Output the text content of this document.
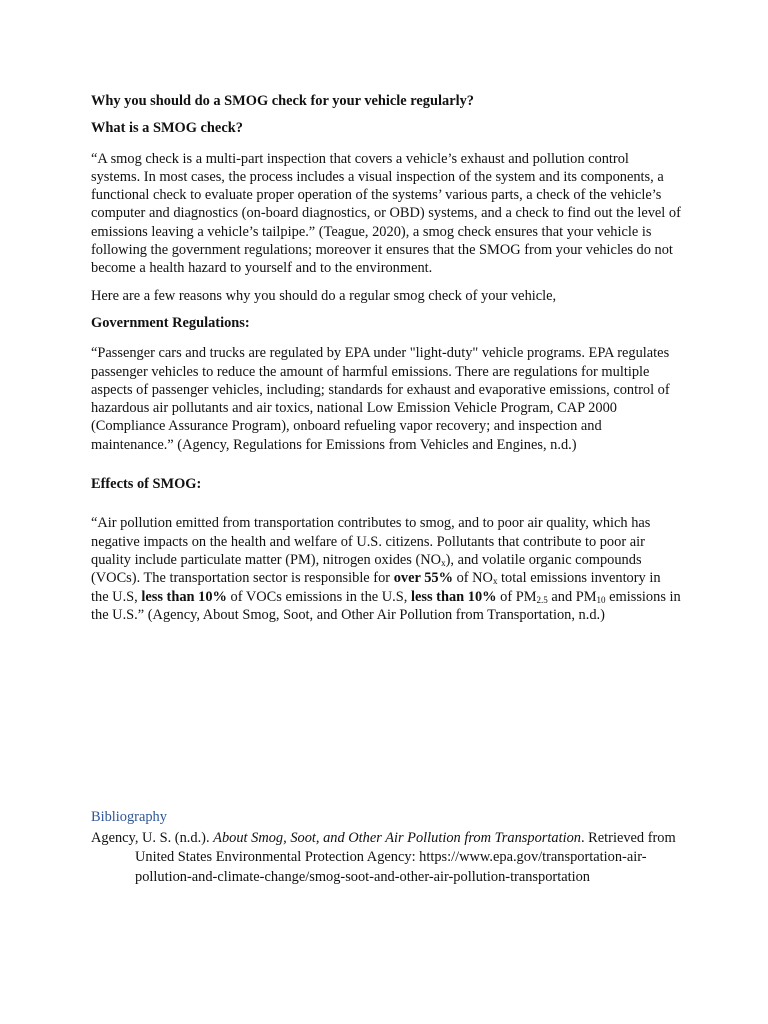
Why you should do a SMOG check for your vehicle regularly?

What is a SMOG check?

“A smog check is a multi-part inspection that covers a vehicle’s exhaust and pollution control systems. In most cases, the process includes a visual inspection of the system and its components, a functional check to evaluate proper operation of the systems’ various parts, a check of the vehicle’s computer and diagnostics (on-board diagnostics, or OBD) systems, and a check to find out the level of emissions leaving a vehicle’s tailpipe.” (Teague, 2020), a smog check ensures that your vehicle is following the government regulations; moreover it ensures that the SMOG from your vehicles do not become a health hazard to yourself and to the environment.

Here are a few reasons why you should do a regular smog check of your vehicle,

Government Regulations:

“Passenger cars and trucks are regulated by EPA under "light-duty" vehicle programs. EPA regulates passenger vehicles to reduce the amount of harmful emissions. There are regulations for multiple aspects of passenger vehicles, including; standards for exhaust and evaporative emissions, control of hazardous air pollutants and air toxics, national Low Emission Vehicle Program, CAP 2000 (Compliance Assurance Program), onboard refueling vapor recovery; and inspection and maintenance.” (Agency, Regulations for Emissions from Vehicles and Engines, n.d.)

Effects of SMOG:

“Air pollution emitted from transportation contributes to smog, and to poor air quality, which has negative impacts on the health and welfare of U.S. citizens. Pollutants that contribute to poor air quality include particulate matter (PM), nitrogen oxides $(NO_x)$, and volatile organic compounds (VOCs). The transportation sector is responsible for over 55% of $NO_x$ total emissions inventory in the U.S, less than 10% of VOCs emissions in the U.S, less than 10% of $PM_{2.5}$ and $PM_{10}$ emissions in the U.S.” (Agency, About Smog, Soot, and Other Air Pollution from Transportation, n.d.)

Bibliography

Agency, U. S. (n.d.). About Smog, Soot, and Other Air Pollution from Transportation. Retrieved from United States Environmental Protection Agency: https://www.epa.gov/transportation-air-pollution-and-climate-change/smog-soot-and-other-air-pollution-transportation
